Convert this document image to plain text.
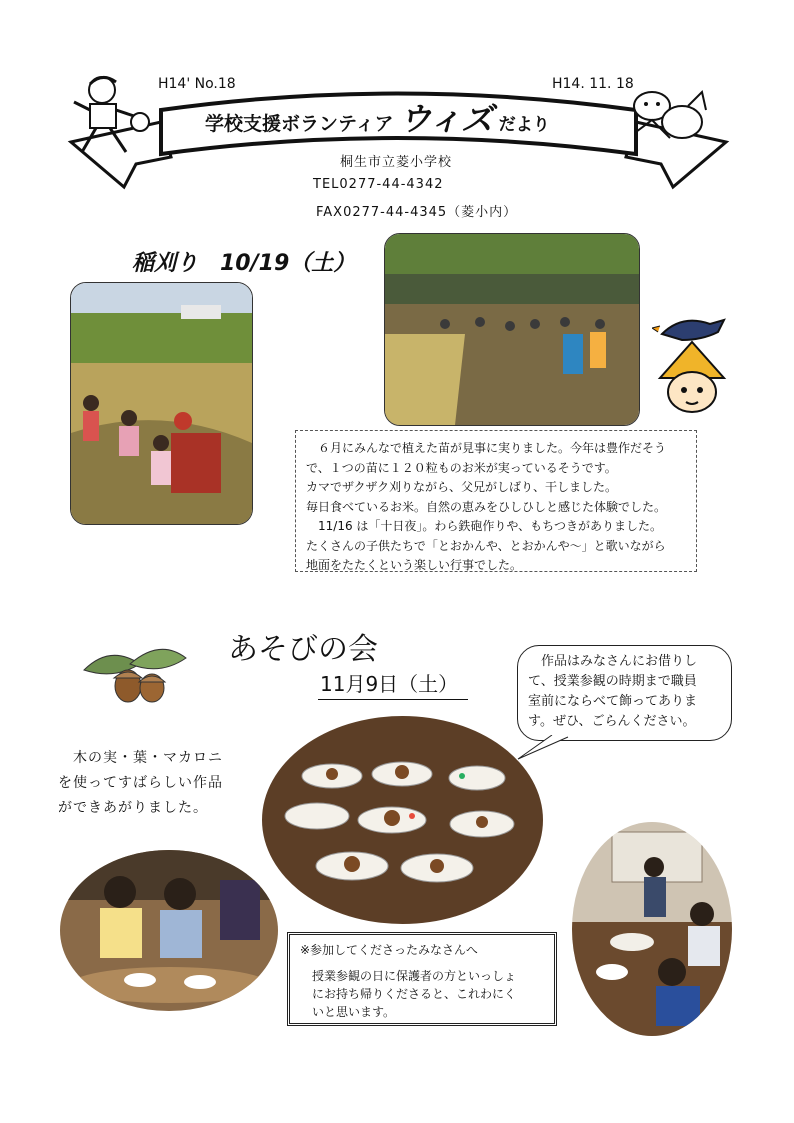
H14' No.18	H14. 11. 18
学校支援ボランティア ウィズ だより
桐生市立菱小学校
TEL0277-44-4342
FAX0277-44-4345（菱小内）
稲刈り　10/19（土）
　６月にみんなで植えた苗が見事に実りました。今年は豊作だそう
で、１つの苗に１２０粒ものお米が実っているそうです。
カマでザクザク刈りながら、父兄がしばり、干しました。
毎日食べているお米。自然の恵みをひしひしと感じた体験でした。
　11/16 は「十日夜」。わら鉄砲作りや、もちつきがありました。
たくさんの子供たちで「とおかんや、とおかんや～」と歌いながら
地面をたたくという楽しい行事でした。
あそびの会
11月9日（土）
　作品はみなさんにお借りし
て、授業参観の時期まで職員
室前にならべて飾ってありま
す。ぜひ、ごらんください。
　木の実・葉・マカロニ
を使ってすばらしい作品
ができあがりました。
※参加してくださったみなさんへ
授業参観の日に保護者の方といっしょ
にお持ち帰りくださると、これわにく
いと思います。
